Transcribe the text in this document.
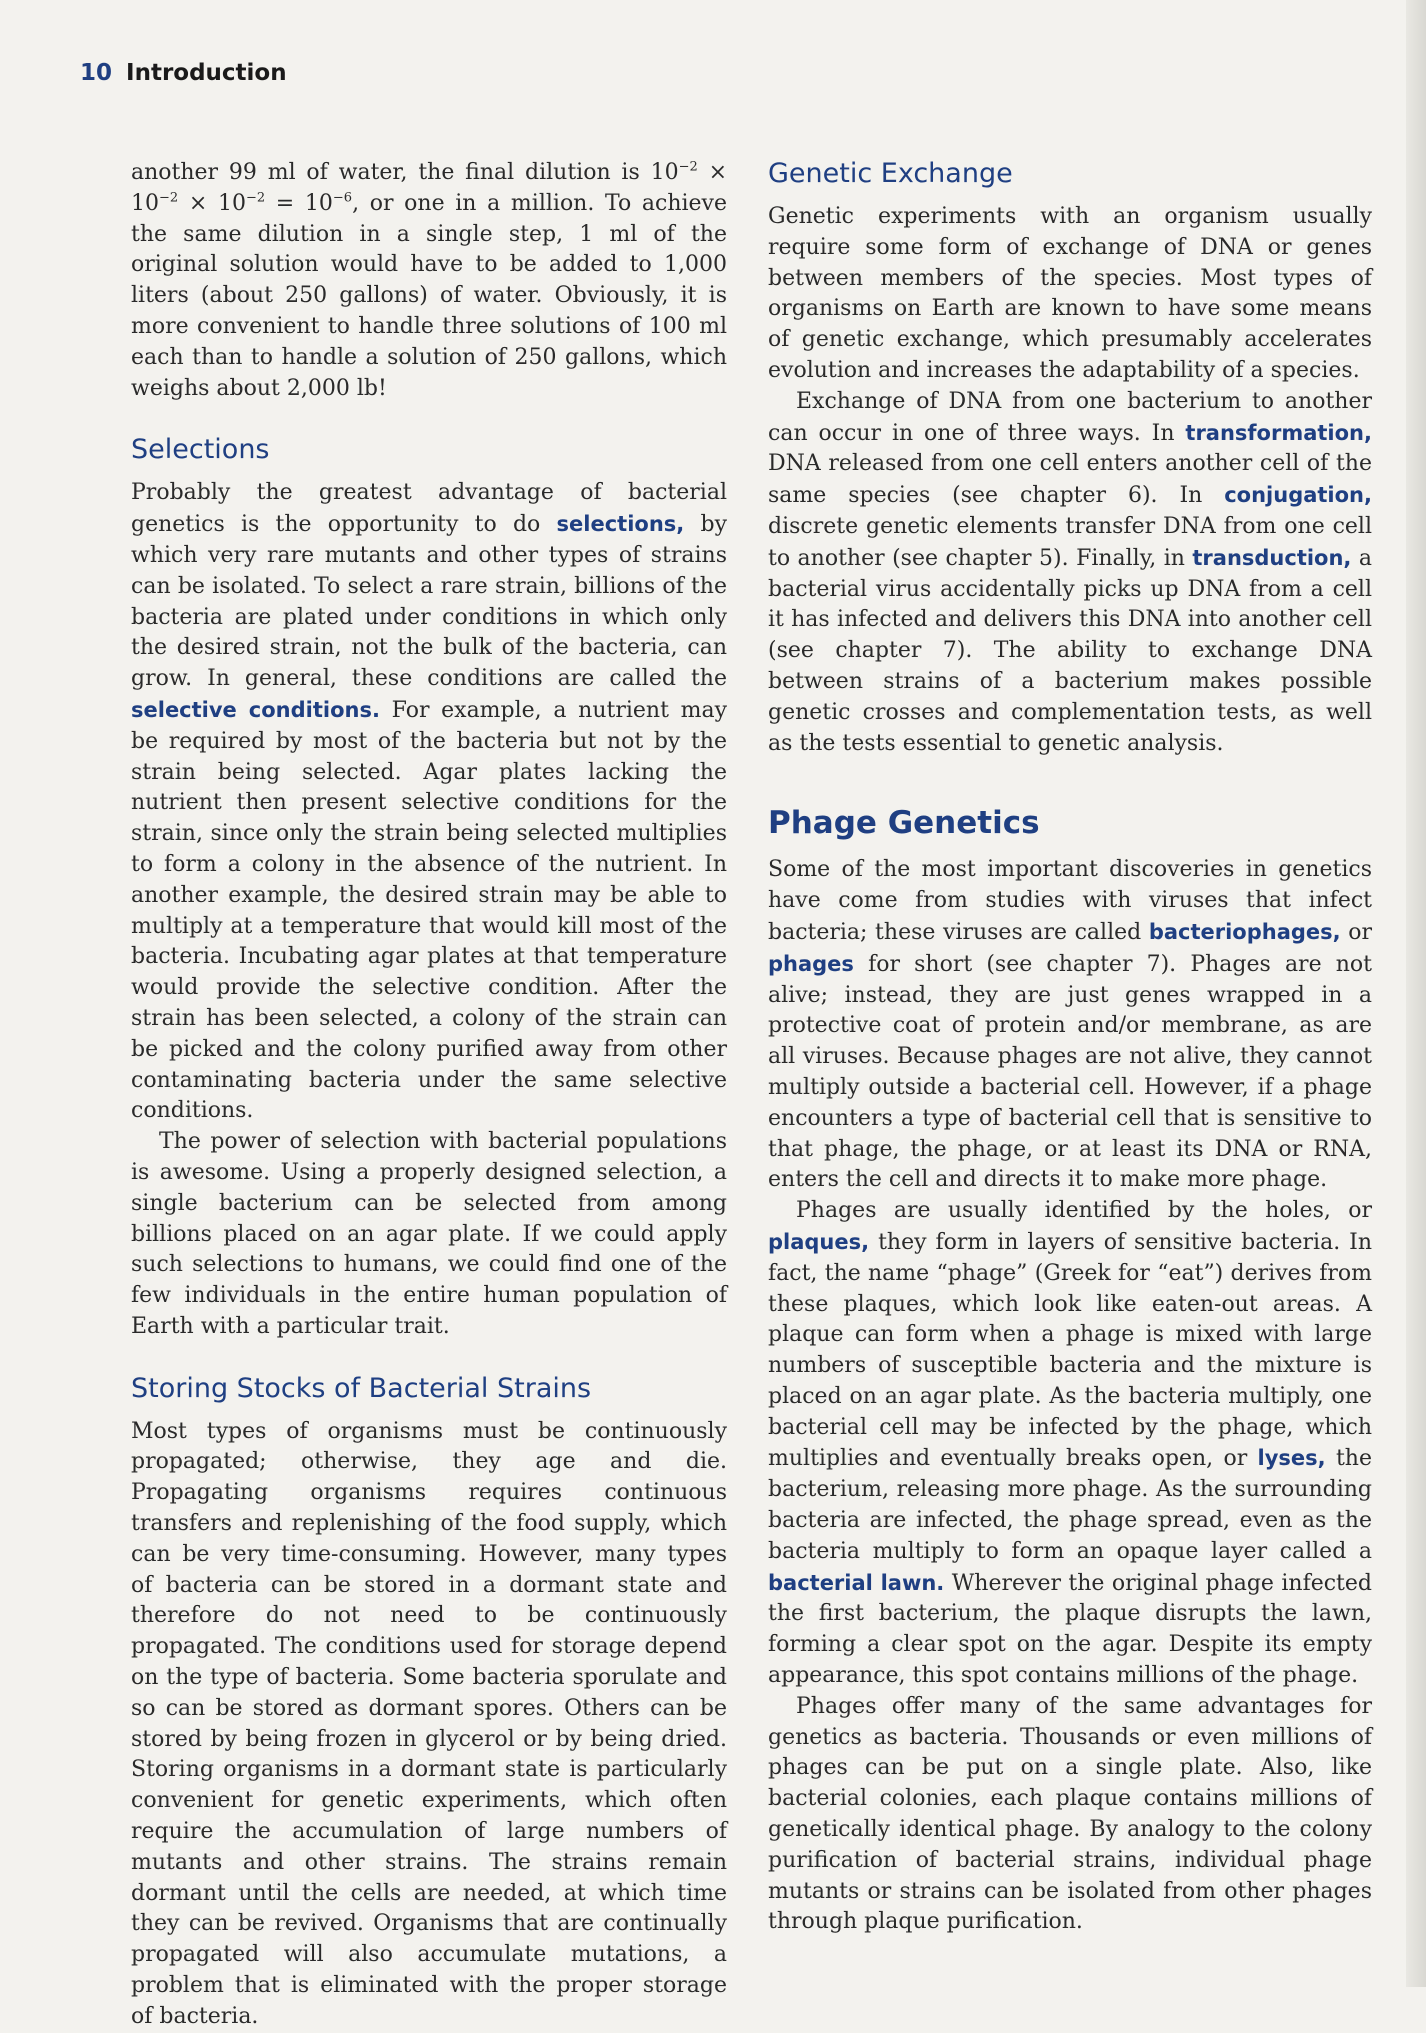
10 Introduction

another 99 ml of water, the final dilution is $10^{-2} \times 10^{-2} \times 10^{-2} = 10^{-6}$, or one in a million. To achieve the same dilution in a single step, 1 ml of the original solution would have to be added to 1,000 liters (about 250 gallons) of water. Obviously, it is more convenient to handle three solutions of 100 ml each than to handle a solution of 250 gallons, which weighs about 2,000 lb!

Selections

Probably the greatest advantage of bacterial genetics is the opportunity to do selections, by which very rare mutants and other types of strains can be isolated. To select a rare strain, billions of the bacteria are plated under conditions in which only the desired strain, not the bulk of the bacteria, can grow. In general, these conditions are called the selective conditions. For example, a nutrient may be required by most of the bacteria but not by the strain being selected. Agar plates lacking the nutrient then present selective conditions for the strain, since only the strain being selected multiplies to form a colony in the absence of the nutrient. In another example, the desired strain may be able to multiply at a temperature that would kill most of the bacteria. Incubating agar plates at that temperature would provide the selective condition. After the strain has been selected, a colony of the strain can be picked and the colony purified away from other contaminating bacteria under the same selective conditions.

The power of selection with bacterial populations is awesome. Using a properly designed selection, a single bacterium can be selected from among billions placed on an agar plate. If we could apply such selections to humans, we could find one of the few individuals in the entire human population of Earth with a particular trait.

Storing Stocks of Bacterial Strains

Most types of organisms must be continuously propagated; otherwise, they age and die. Propagating organisms requires continuous transfers and replenishing of the food supply, which can be very time-consuming. However, many types of bacteria can be stored in a dormant state and therefore do not need to be continuously propagated. The conditions used for storage depend on the type of bacteria. Some bacteria sporulate and so can be stored as dormant spores. Others can be stored by being frozen in glycerol or by being dried. Storing organisms in a dormant state is particularly convenient for genetic experiments, which often require the accumulation of large numbers of mutants and other strains. The strains remain dormant until the cells are needed, at which time they can be revived. Organisms that are continually propagated will also accumulate mutations, a problem that is eliminated with the proper storage of bacteria.

Genetic Exchange

Genetic experiments with an organism usually require some form of exchange of DNA or genes between members of the species. Most types of organisms on Earth are known to have some means of genetic exchange, which presumably accelerates evolution and increases the adaptability of a species.

Exchange of DNA from one bacterium to another can occur in one of three ways. In transformation, DNA released from one cell enters another cell of the same species (see chapter 6). In conjugation, discrete genetic elements transfer DNA from one cell to another (see chapter 5). Finally, in transduction, a bacterial virus accidentally picks up DNA from a cell it has infected and delivers this DNA into another cell (see chapter 7). The ability to exchange DNA between strains of a bacterium makes possible genetic crosses and complementation tests, as well as the tests essential to genetic analysis.

Phage Genetics

Some of the most important discoveries in genetics have come from studies with viruses that infect bacteria; these viruses are called bacteriophages, or phages for short (see chapter 7). Phages are not alive; instead, they are just genes wrapped in a protective coat of protein and/or membrane, as are all viruses. Because phages are not alive, they cannot multiply outside a bacterial cell. However, if a phage encounters a type of bacterial cell that is sensitive to that phage, the phage, or at least its DNA or RNA, enters the cell and directs it to make more phage.

Phages are usually identified by the holes, or plaques, they form in layers of sensitive bacteria. In fact, the name “phage” (Greek for “eat”) derives from these plaques, which look like eaten-out areas. A plaque can form when a phage is mixed with large numbers of susceptible bacteria and the mixture is placed on an agar plate. As the bacteria multiply, one bacterial cell may be infected by the phage, which multiplies and eventually breaks open, or lyses, the bacterium, releasing more phage. As the surrounding bacteria are infected, the phage spread, even as the bacteria multiply to form an opaque layer called a bacterial lawn. Wherever the original phage infected the first bacterium, the plaque disrupts the lawn, forming a clear spot on the agar. Despite its empty appearance, this spot contains millions of the phage.

Phages offer many of the same advantages for genetics as bacteria. Thousands or even millions of phages can be put on a single plate. Also, like bacterial colonies, each plaque contains millions of genetically identical phage. By analogy to the colony purification of bacterial strains, individual phage mutants or strains can be isolated from other phages through plaque purification.
